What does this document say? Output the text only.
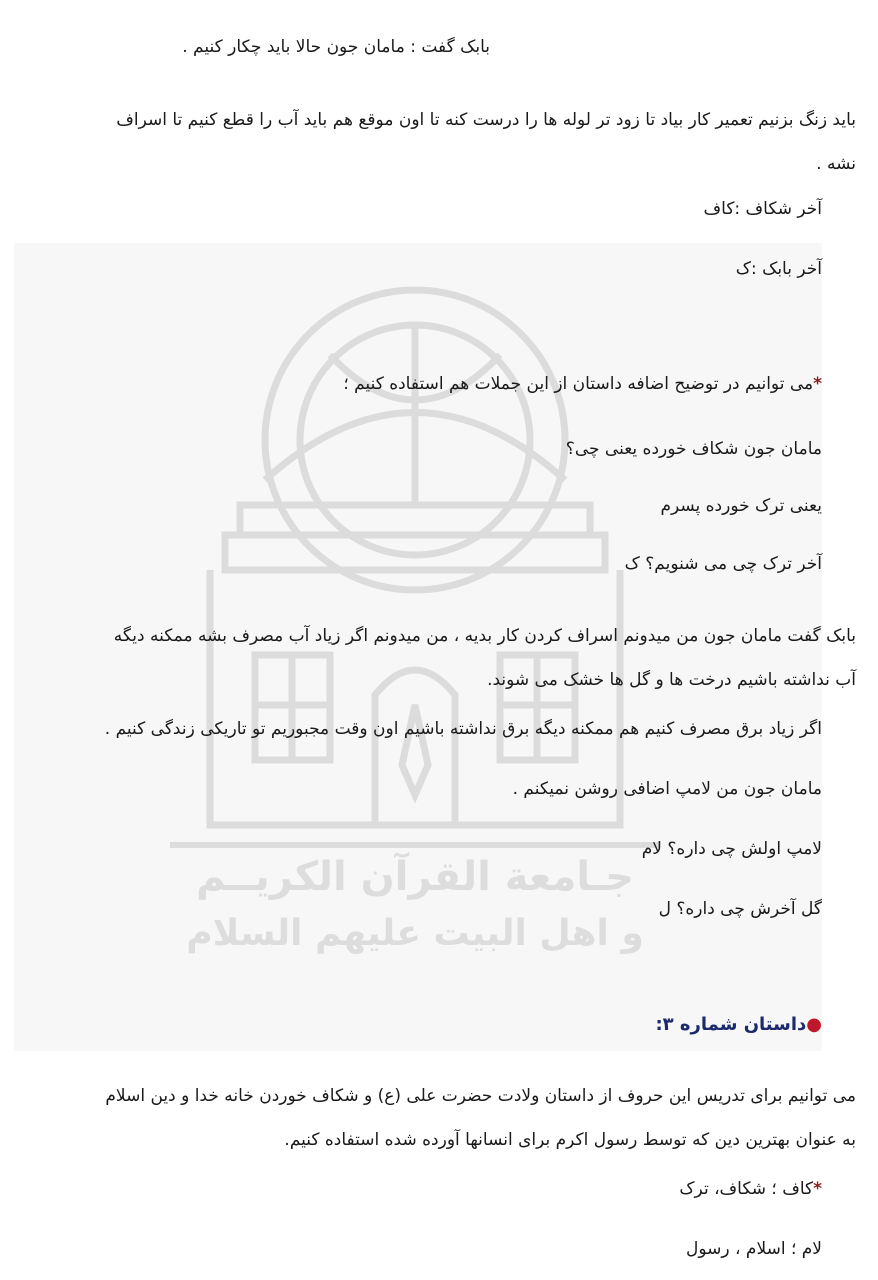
جـامعة القرآن الكريــم
و اهل البيت عليهم السلام
بابک گفت : مامان جون حالا باید چکار کنیم .
باید زنگ بزنیم تعمیر کار بیاد تا زود تر لوله ها را درست کنه تا اون موقع هم باید آب را قطع کنیم تا اسراف
نشه .
آخر شکاف :کاف
آخر بابک :ک
*می توانیم در توضیح اضافه داستان از این جملات هم استفاده کنیم ؛
مامان جون شکاف خورده یعنی چی؟
یعنی ترک خورده پسرم
آخر ترک چی می شنویم؟ ک
بابک گفت مامان جون من میدونم اسراف کردن کار بدیه ، من میدونم اگر زیاد آب مصرف بشه ممکنه دیگه
آب نداشته باشیم درخت ها و گل ها خشک می شوند.
اگر زیاد برق مصرف کنیم هم ممکنه دیگه برق نداشته باشیم اون وقت مجبوریم تو تاریکی زندگی کنیم .
مامان جون من لامپ اضافی روشن نمیکنم .
لامپ اولش چی داره؟ لام
گل آخرش چی داره؟ ل
●داستان شماره ۳:
می توانیم برای تدریس این حروف از داستان ولادت حضرت علی (ع) و شکاف خوردن خانه خدا و دین اسلام
به عنوان بهترین دین که توسط رسول اکرم برای انسانها آورده شده استفاده کنیم.
*کاف ؛ شکاف، ترک
لام ؛ اسلام ، رسول
